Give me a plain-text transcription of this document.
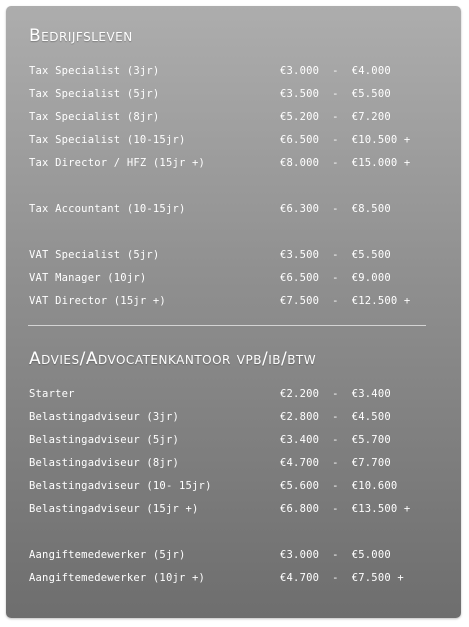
Bedrijfsleven
Tax Specialist (3jr)	€3.000  -  €4.000
Tax Specialist (5jr)	€3.500  -  €5.500
Tax Specialist (8jr)	€5.200  -  €7.200
Tax Specialist (10-15jr)	€6.500  -  €10.500 +
Tax Director / HFZ (15jr +)	€8.000  -  €15.000 +
Tax Accountant (10-15jr)	€6.300  -  €8.500
VAT Specialist (5jr)	€3.500  -  €5.500
VAT Manager (10jr)	€6.500  -  €9.000
VAT Director (15jr +)	€7.500  -  €12.500 +
Advies/Advocatenkantoor vpb/ib/btw
Starter	€2.200  -  €3.400
Belastingadviseur (3jr)	€2.800  -  €4.500
Belastingadviseur (5jr)	€3.400  -  €5.700
Belastingadviseur (8jr)	€4.700  -  €7.700
Belastingadviseur (10- 15jr)	€5.600  -  €10.600
Belastingadviseur (15jr +)	€6.800  -  €13.500 +
Aangiftemedewerker (5jr)	€3.000  -  €5.000
Aangiftemedewerker (10jr +)	€4.700  -  €7.500 +
